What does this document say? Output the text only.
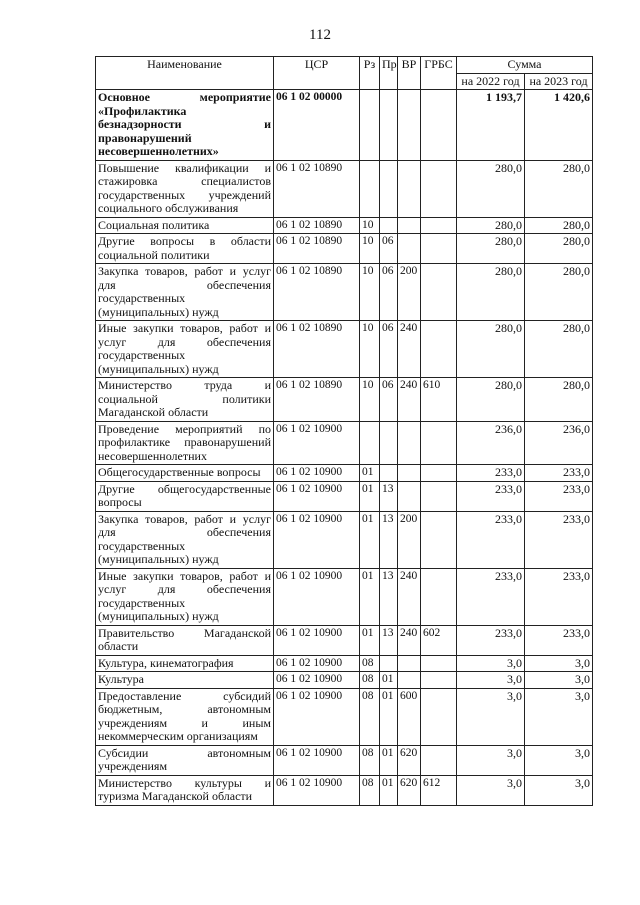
112
Наименование	ЦСР	Рз	Пр	ВР	ГРБС	Сумма	
						на 2022 год	на 2023 год
Основное мероприятие «Профилактика безнадзорности и правонарушений несовершеннолетних»	06 1 02 00000					1 193,7	1 420,6
Повышение квалификации и стажировка специалистов государственных учреждений социального обслуживания	06 1 02 10890					280,0	280,0
Социальная политика	06 1 02 10890	10				280,0	280,0
Другие вопросы в области социальной политики	06 1 02 10890	10	06			280,0	280,0
Закупка товаров, работ и услуг для обеспечения государственных (муниципальных) нужд	06 1 02 10890	10	06	200		280,0	280,0
Иные закупки товаров, работ и услуг для обеспечения государственных (муниципальных) нужд	06 1 02 10890	10	06	240		280,0	280,0
Министерство труда и социальной политики Магаданской области	06 1 02 10890	10	06	240	610	280,0	280,0
Проведение мероприятий по профилактике правонарушений несовершеннолетних	06 1 02 10900					236,0	236,0
Общегосударственные вопросы	06 1 02 10900	01				233,0	233,0
Другие общегосударственные вопросы	06 1 02 10900	01	13			233,0	233,0
Закупка товаров, работ и услуг для обеспечения государственных (муниципальных) нужд	06 1 02 10900	01	13	200		233,0	233,0
Иные закупки товаров, работ и услуг для обеспечения государственных (муниципальных) нужд	06 1 02 10900	01	13	240		233,0	233,0
Правительство Магаданской области	06 1 02 10900	01	13	240	602	233,0	233,0
Культура, кинематография	06 1 02 10900	08				3,0	3,0
Культура	06 1 02 10900	08	01			3,0	3,0
Предоставление субсидий бюджетным, автономным учреждениям и иным некоммерческим организациям	06 1 02 10900	08	01	600		3,0	3,0
Субсидии автономным учреждениям	06 1 02 10900	08	01	620		3,0	3,0
Министерство культуры и туризма Магаданской области	06 1 02 10900	08	01	620	612	3,0	3,0
